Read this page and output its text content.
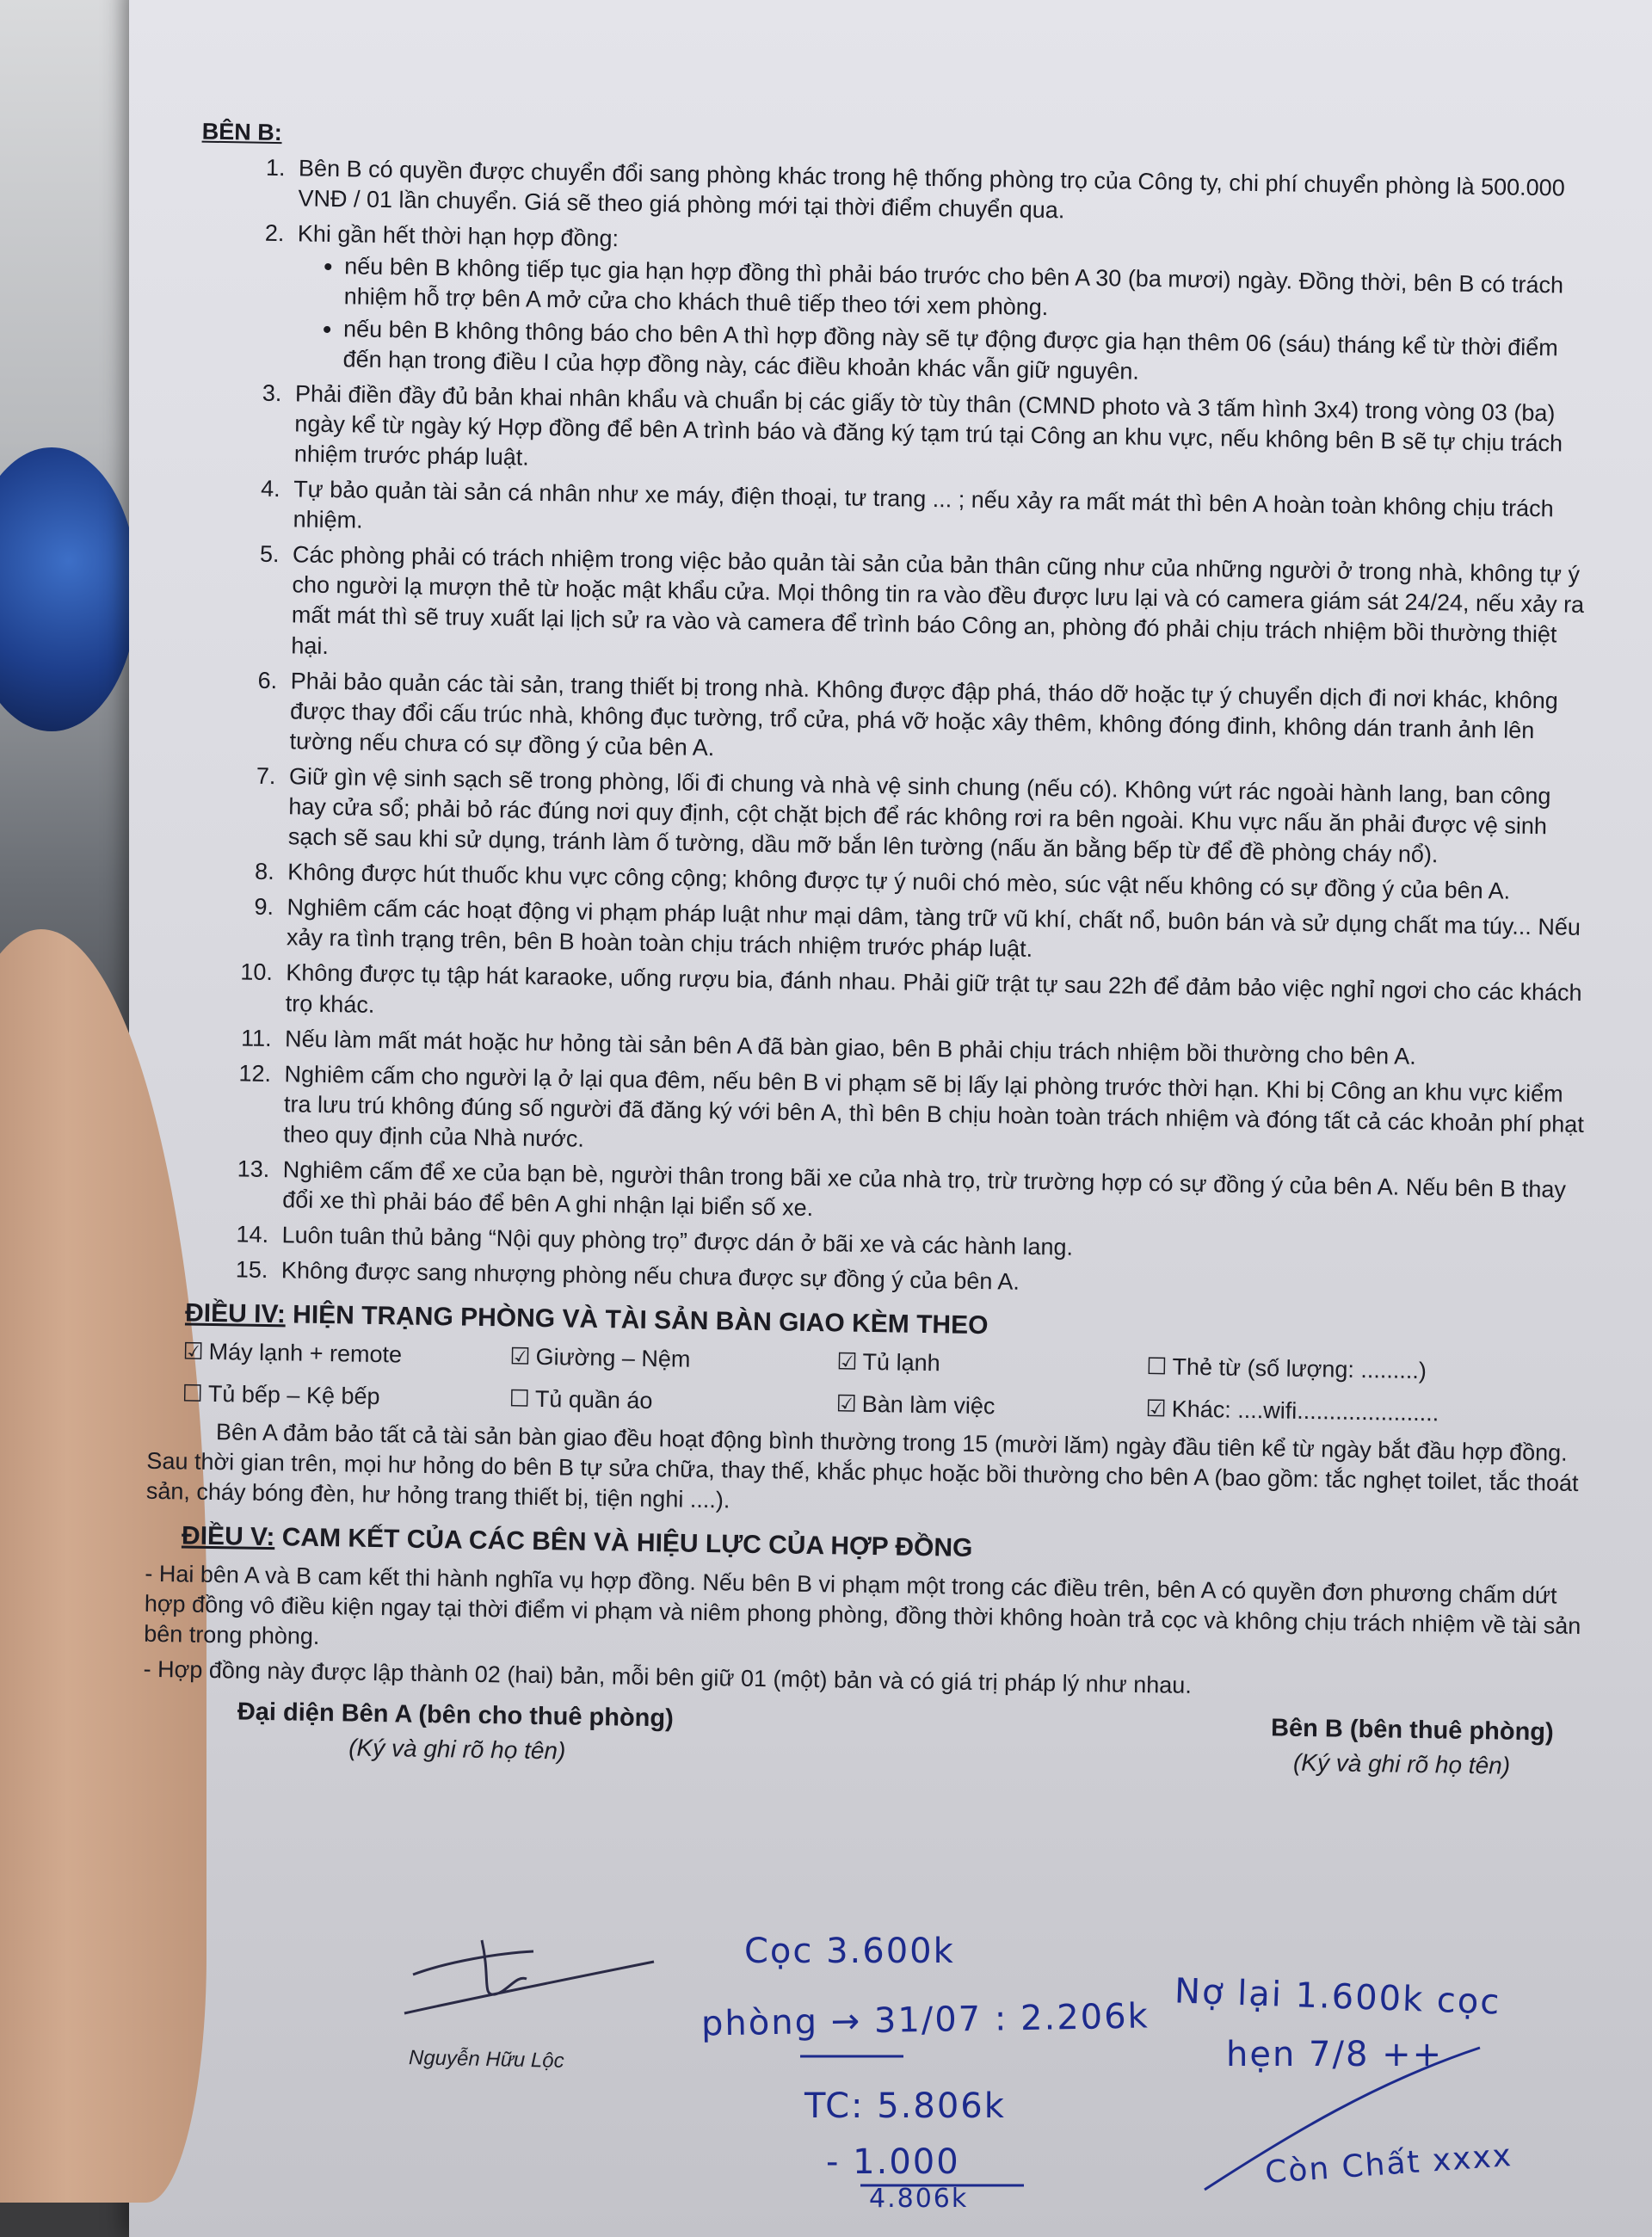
BÊN B:
1. Bên B có quyền được chuyển đổi sang phòng khác trong hệ thống phòng trọ của Công ty, chi phí chuyển phòng là 500.000 VNĐ / 01 lần chuyển. Giá sẽ theo giá phòng mới tại thời điểm chuyển qua.
2. Khi gần hết thời hạn hợp đồng:
• nếu bên B không tiếp tục gia hạn hợp đồng thì phải báo trước cho bên A 30 (ba mươi) ngày. Đồng thời, bên B có trách nhiệm hỗ trợ bên A mở cửa cho khách thuê tiếp theo tới xem phòng.
• nếu bên B không thông báo cho bên A thì hợp đồng này sẽ tự động được gia hạn thêm 06 (sáu) tháng kể từ thời điểm đến hạn trong điều I của hợp đồng này, các điều khoản khác vẫn giữ nguyên.
3. Phải điền đầy đủ bản khai nhân khẩu và chuẩn bị các giấy tờ tùy thân (CMND photo và 3 tấm hình 3x4) trong vòng 03 (ba) ngày kể từ ngày ký Hợp đồng để bên A trình báo và đăng ký tạm trú tại Công an khu vực, nếu không bên B sẽ tự chịu trách nhiệm trước pháp luật.
4. Tự bảo quản tài sản cá nhân như xe máy, điện thoại, tư trang ... ; nếu xảy ra mất mát thì bên A hoàn toàn không chịu trách nhiệm.
5. Các phòng phải có trách nhiệm trong việc bảo quản tài sản của bản thân cũng như của những người ở trong nhà, không tự ý cho người lạ mượn thẻ từ hoặc mật khẩu cửa. Mọi thông tin ra vào đều được lưu lại và có camera giám sát 24/24, nếu xảy ra mất mát thì sẽ truy xuất lại lịch sử ra vào và camera để trình báo Công an, phòng đó phải chịu trách nhiệm bồi thường thiệt hại.
6. Phải bảo quản các tài sản, trang thiết bị trong nhà. Không được đập phá, tháo dỡ hoặc tự ý chuyển dịch đi nơi khác, không được thay đổi cấu trúc nhà, không đục tường, trổ cửa, phá vỡ hoặc xây thêm, không đóng đinh, không dán tranh ảnh lên tường nếu chưa có sự đồng ý của bên A.
7. Giữ gìn vệ sinh sạch sẽ trong phòng, lối đi chung và nhà vệ sinh chung (nếu có). Không vứt rác ngoài hành lang, ban công hay cửa sổ; phải bỏ rác đúng nơi quy định, cột chặt bịch để rác không rơi ra bên ngoài. Khu vực nấu ăn phải được vệ sinh sạch sẽ sau khi sử dụng, tránh làm ố tường, dầu mỡ bắn lên tường (nấu ăn bằng bếp từ để đề phòng cháy nổ).
8. Không được hút thuốc khu vực công cộng; không được tự ý nuôi chó mèo, súc vật nếu không có sự đồng ý của bên A.
9. Nghiêm cấm các hoạt động vi phạm pháp luật như mại dâm, tàng trữ vũ khí, chất nổ, buôn bán và sử dụng chất ma túy... Nếu xảy ra tình trạng trên, bên B hoàn toàn chịu trách nhiệm trước pháp luật.
10. Không được tụ tập hát karaoke, uống rượu bia, đánh nhau. Phải giữ trật tự sau 22h để đảm bảo việc nghỉ ngơi cho các khách trọ khác.
11. Nếu làm mất mát hoặc hư hỏng tài sản bên A đã bàn giao, bên B phải chịu trách nhiệm bồi thường cho bên A.
12. Nghiêm cấm cho người lạ ở lại qua đêm, nếu bên B vi phạm sẽ bị lấy lại phòng trước thời hạn. Khi bị Công an khu vực kiểm tra lưu trú không đúng số người đã đăng ký với bên A, thì bên B chịu hoàn toàn trách nhiệm và đóng tất cả các khoản phí phạt theo quy định của Nhà nước.
13. Nghiêm cấm để xe của bạn bè, người thân trong bãi xe của nhà trọ, trừ trường hợp có sự đồng ý của bên A. Nếu bên B thay đổi xe thì phải báo để bên A ghi nhận lại biển số xe.
14. Luôn tuân thủ bảng “Nội quy phòng trọ” được dán ở bãi xe và các hành lang.
15. Không được sang nhượng phòng nếu chưa được sự đồng ý của bên A.
ĐIỀU IV: HIỆN TRẠNG PHÒNG VÀ TÀI SẢN BÀN GIAO KÈM THEO
☑ Máy lạnh + remote	☑ Giường – Nệm	☑ Tủ lạnh	☐ Thẻ từ (số lượng: .........)
☐ Tủ bếp – Kệ bếp	☐ Tủ quần áo	☑ Bàn làm việc	☑ Khác: ....wifi......................
Bên A đảm bảo tất cả tài sản bàn giao đều hoạt động bình thường trong 15 (mười lăm) ngày đầu tiên kể từ ngày bắt đầu hợp đồng. Sau thời gian trên, mọi hư hỏng do bên B tự sửa chữa, thay thế, khắc phục hoặc bồi thường cho bên A (bao gồm: tắc nghẹt toilet, tắc thoát sản, cháy bóng đèn, hư hỏng trang thiết bị, tiện nghi ....).
ĐIỀU V: CAM KẾT CỦA CÁC BÊN VÀ HIỆU LỰC CỦA HỢP ĐỒNG
- Hai bên A và B cam kết thi hành nghĩa vụ hợp đồng. Nếu bên B vi phạm một trong các điều trên, bên A có quyền đơn phương chấm dứt hợp đồng vô điều kiện ngay tại thời điểm vi phạm và niêm phong phòng, đồng thời không hoàn trả cọc và không chịu trách nhiệm về tài sản bên trong phòng.
- Hợp đồng này được lập thành 02 (hai) bản, mỗi bên giữ 01 (một) bản và có giá trị pháp lý như nhau.
Đại diện Bên A (bên cho thuê phòng)	Bên B (bên thuê phòng)
(Ký và ghi rõ họ tên)	(Ký và ghi rõ họ tên)
Nguyễn Hữu Lộc
Cọc 3.600k
phòng → 31/07 : 2.206k
TC: 5.806k
- 1.000
4.806k
Nợ lại 1.600k cọc
hẹn 7/8 ++
Còn Chất xxxx
